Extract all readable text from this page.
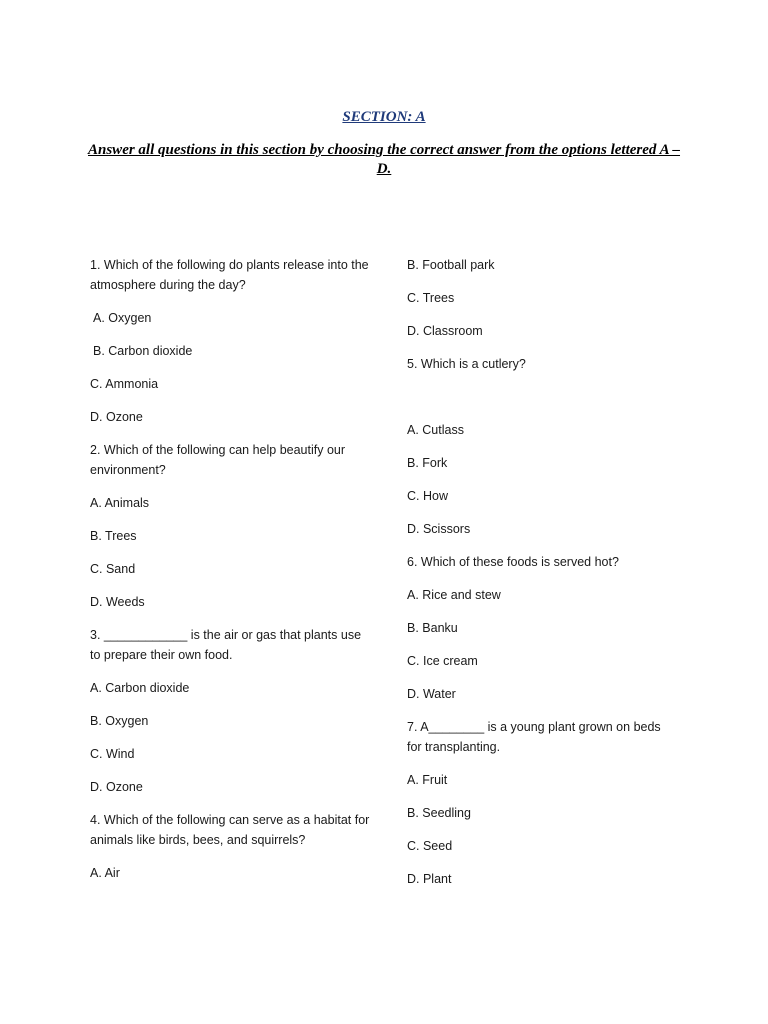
SECTION: A
Answer all questions in this section by choosing the correct answer from the options lettered A – D.
1. Which of the following do plants release into the atmosphere during the day?
A. Oxygen
B. Carbon dioxide
C. Ammonia
D. Ozone
2. Which of the following can help beautify our environment?
A. Animals
B. Trees
C. Sand
D. Weeds
3. ____________ is the air or gas that plants use to prepare their own food.
A. Carbon dioxide
B. Oxygen
C. Wind
D. Ozone
4. Which of the following can serve as a habitat for animals like birds, bees, and squirrels?
A. Air
B. Football park
C. Trees
D. Classroom
5. Which is a cutlery?
A. Cutlass
B. Fork
C. How
D. Scissors
6. Which of these foods is served hot?
A. Rice and stew
B. Banku
C. Ice cream
D. Water
7. A________ is a young plant grown on beds for transplanting.
A. Fruit
B. Seedling
C. Seed
D. Plant
